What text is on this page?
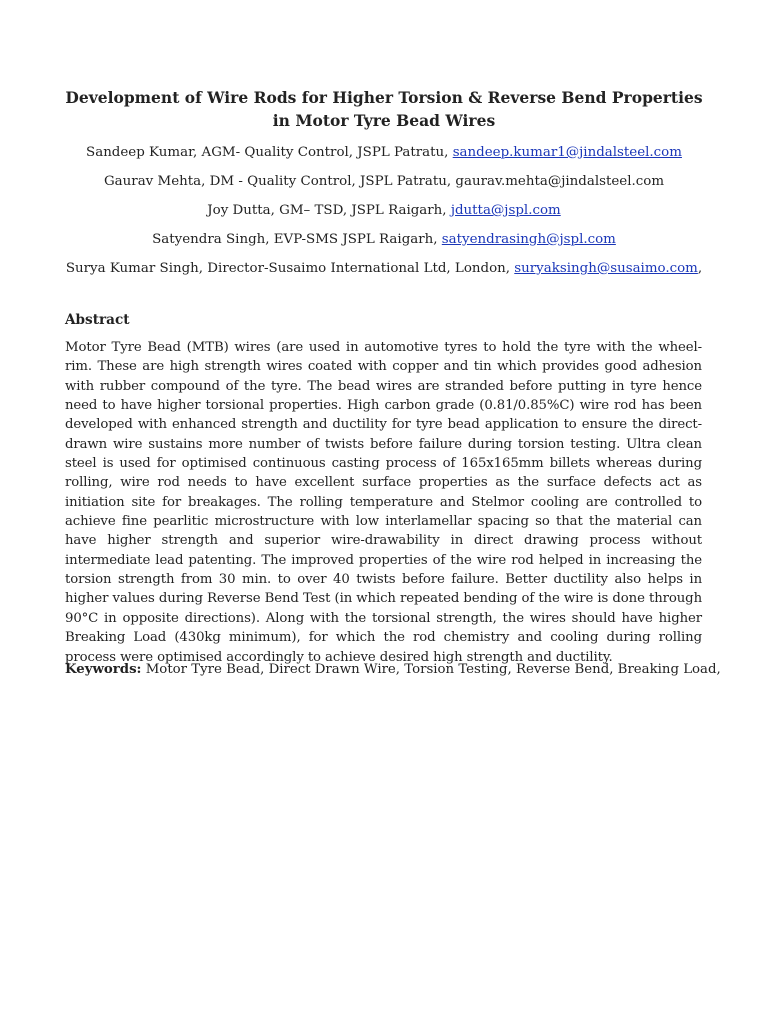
Development of Wire Rods for Higher Torsion & Reverse Bend Properties in Motor Tyre Bead Wires
Sandeep Kumar, AGM- Quality Control, JSPL Patratu, sandeep.kumar1@jindalsteel.com
Gaurav Mehta, DM - Quality Control, JSPL Patratu, gaurav.mehta@jindalsteel.com
Joy Dutta, GM– TSD, JSPL Raigarh, jdutta@jspl.com
Satyendra Singh, EVP-SMS JSPL Raigarh, satyendrasingh@jspl.com
Surya Kumar Singh, Director-Susaimo International Ltd, London, suryaksingh@susaimo.com,
Abstract

Motor Tyre Bead (MTB) wires (are used in automotive tyres to hold the tyre with the wheel-rim. These are high strength wires coated with copper and tin which provides good adhesion with rubber compound of the tyre. The bead wires are stranded before putting in tyre hence need to have higher torsional properties. High carbon grade (0.81/0.85%C) wire rod has been developed with enhanced strength and ductility for tyre bead application to ensure the direct-drawn wire sustains more number of twists before failure during torsion testing. Ultra clean steel is used for optimised continuous casting process of 165x165mm billets whereas during rolling, wire rod needs to have excellent surface properties as the surface defects act as initiation site for breakages. The rolling temperature and Stelmor cooling are controlled to achieve fine pearlitic microstructure with low interlamellar spacing so that the material can have higher strength and superior wire-drawability in direct drawing process without intermediate lead patenting. The improved properties of the wire rod helped in increasing the torsion strength from 30 min. to over 40 twists before failure. Better ductility also helps in higher values during Reverse Bend Test (in which repeated bending of the wire is done through 90°C in opposite directions). Along with the torsional strength, the wires should have higher Breaking Load (430kg minimum), for which the rod chemistry and cooling during rolling process were optimised accordingly to achieve desired high strength and ductility.

Keywords: Motor Tyre Bead, Direct Drawn Wire, Torsion Testing, Reverse Bend, Breaking Load,
